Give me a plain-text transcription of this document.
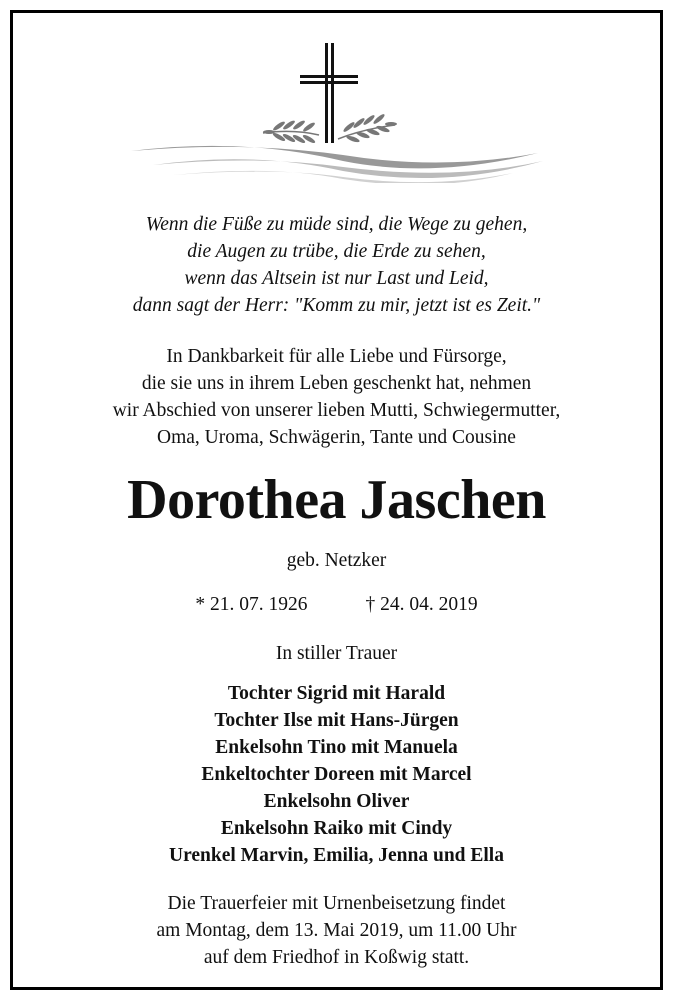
Wenn die Füße zu müde sind, die Wege zu gehen,
die Augen zu trübe, die Erde zu sehen,
wenn das Altsein ist nur Last und Leid,
dann sagt der Herr: "Komm zu mir, jetzt ist es Zeit."
In Dankbarkeit für alle Liebe und Fürsorge,
die sie uns in ihrem Leben geschenkt hat, nehmen
wir Abschied von unserer lieben Mutti, Schwiegermutter,
Oma, Uroma, Schwägerin, Tante und Cousine
Dorothea Jaschen
geb. Netzker
* 21. 07. 1926	† 24. 04. 2019
In stiller Trauer
Tochter Sigrid mit Harald
Tochter Ilse mit Hans-Jürgen
Enkelsohn Tino mit Manuela
Enkeltochter Doreen mit Marcel
Enkelsohn Oliver
Enkelsohn Raiko mit Cindy
Urenkel Marvin, Emilia, Jenna und Ella
Die Trauerfeier mit Urnenbeisetzung findet
am Montag, dem 13. Mai 2019, um 11.00 Uhr
auf dem Friedhof in Koßwig statt.
